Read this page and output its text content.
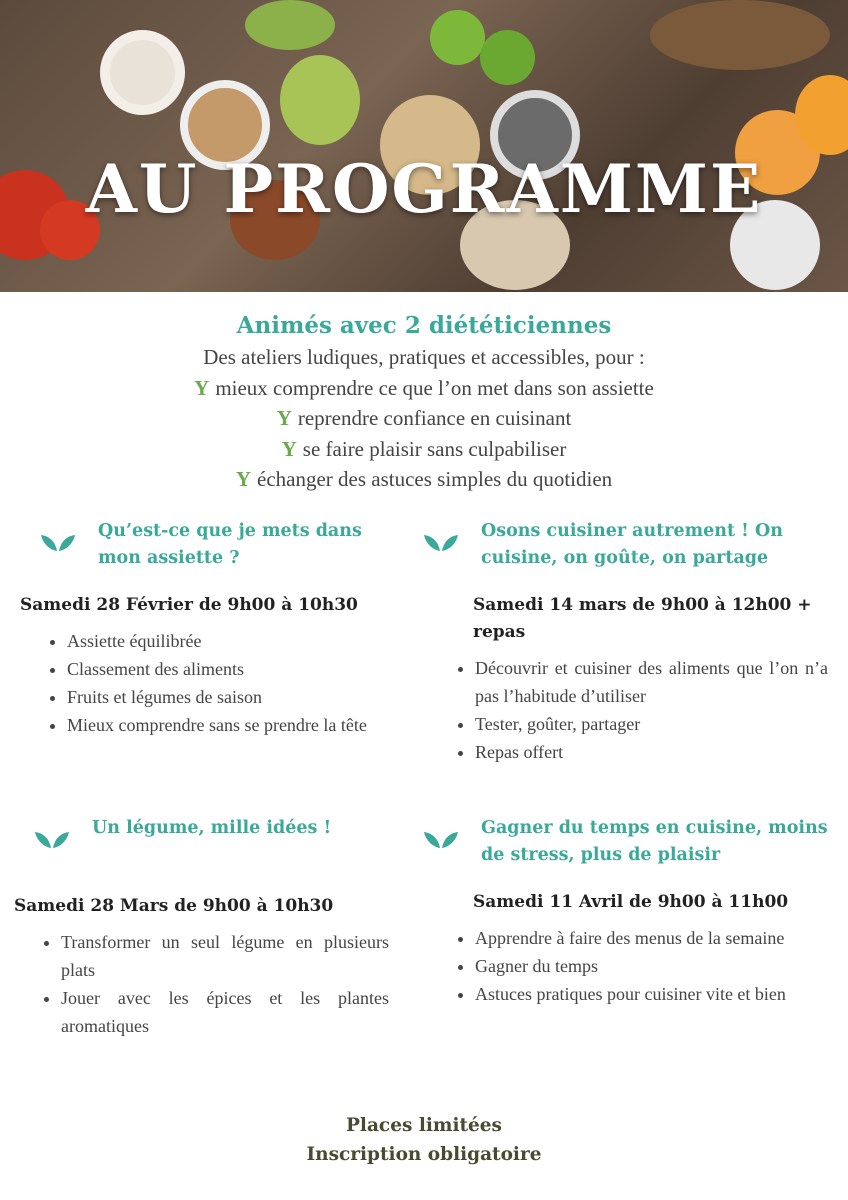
AU PROGRAMME
Animés avec 2 diététiciennes

Des ateliers ludiques, pratiques et accessibles, pour :

Y mieux comprendre ce que l’on met dans son assiette

Y reprendre confiance en cuisinant

Y se faire plaisir sans culpabiliser

Y échanger des astuces simples du quotidien

Qu’est-ce que je mets dans mon assiette ?
Samedi 28 Février de 9h00 à 10h30
• Assiette équilibrée
• Classement des aliments
• Fruits et légumes de saison
• Mieux comprendre sans se prendre la tête
Osons cuisiner autrement ! On cuisine, on goûte, on partage
Samedi 14 mars de 9h00 à 12h00 + repas
• Découvrir et cuisiner des aliments que l’on n’a pas l’habitude d’utiliser
• Tester, goûter, partager
• Repas offert
Un légume, mille idées !
Samedi 28 Mars de 9h00 à 10h30
• Transformer un seul légume en plusieurs plats
• Jouer avec les épices et les plantes aromatiques
Gagner du temps en cuisine, moins de stress, plus de plaisir
Samedi 11 Avril de 9h00 à 11h00
• Apprendre à faire des menus de la semaine
• Gagner du temps
• Astuces pratiques pour cuisiner vite et bien
Places limitées
Inscription obligatoire
